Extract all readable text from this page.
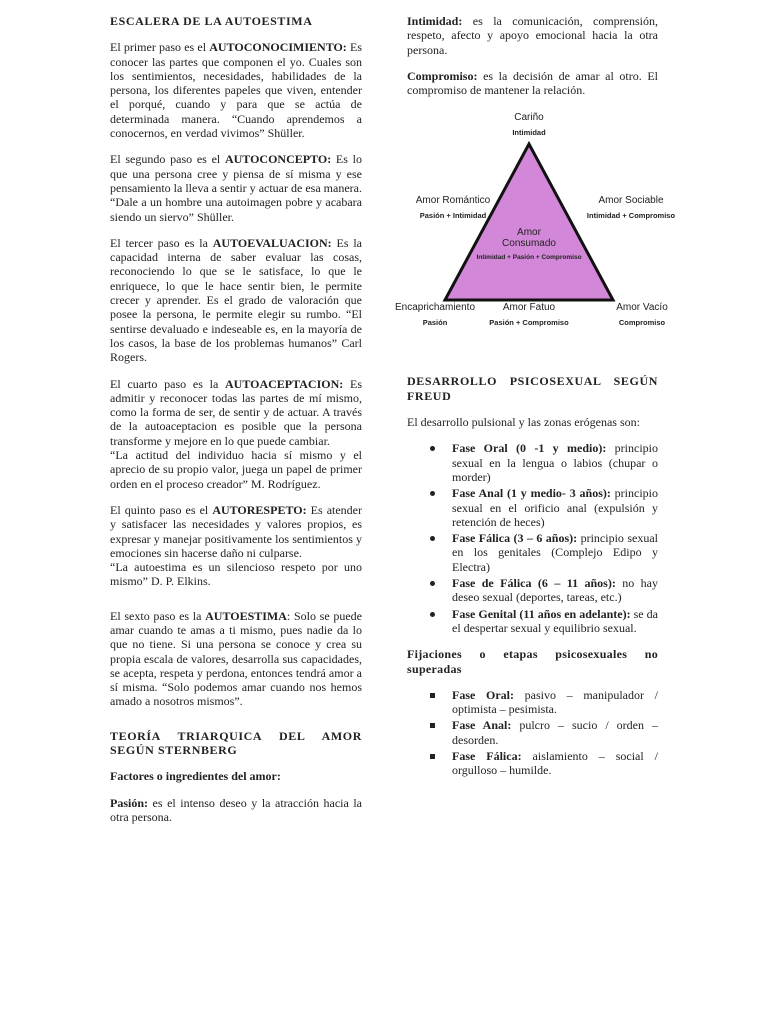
ESCALERA DE LA AUTOESTIMA

El primer paso es el AUTOCONOCIMIENTO: Es conocer las partes que componen el yo. Cuales son los sentimientos, necesidades, habilidades de la persona, los diferentes papeles que viven, entender el porqué, cuando y para que se actúa de determinada manera. “Cuando aprendemos a conocernos, en verdad vivimos” Shüller.

El segundo paso es el AUTOCONCEPTO: Es lo que una persona cree y piensa de sí misma y ese pensamiento la lleva a sentir y actuar de esa manera. “Dale a un hombre una autoimagen pobre y acabara siendo un siervo” Shüller.

El tercer paso es la AUTOEVALUACION: Es la capacidad interna de saber evaluar las cosas, reconociendo lo que se le satisface, lo que le enriquece, lo que le hace sentir bien, le permite crecer y aprender. Es el grado de valoración que posee la persona, le permite elegir su rumbo. “El sentirse devaluado e indeseable es, en la mayoría de los casos, la base de los problemas humanos” Carl Rogers.

El cuarto paso es la AUTOACEPTACION: Es admitir y reconocer todas las partes de mí mismo, como la forma de ser, de sentir y de actuar. A través de la autoaceptacion es posible que la persona transforme y mejore en lo que puede cambiar.
“La actitud del individuo hacia sí mismo y el aprecio de su propio valor, juega un papel de primer orden en el proceso creador” M. Rodríguez.

El quinto paso es el AUTORESPETO: Es atender y satisfacer las necesidades y valores propios, es expresar y manejar positivamente los sentimientos y emociones sin hacerse daño ni culparse.
“La autoestima es un silencioso respeto por uno mismo” D. P. Elkins.

El sexto paso es la AUTOESTIMA: Solo se puede amar cuando te amas a ti mismo, pues nadie da lo que no tiene. Si una persona se conoce y crea su propia escala de valores, desarrolla sus capacidades, se acepta, respeta y perdona, entonces tendrá amor a sí misma. “Solo podemos amar cuando nos hemos amado a nosotros mismos”.

TEORÍA TRIARQUICA DEL AMOR SEGÚN STERNBERG

Factores o ingredientes del amor:

Pasión: es el intenso deseo y la atracción hacia la otra persona.

Intimidad: es la comunicación, comprensión, respeto, afecto y apoyo emocional hacia la otra persona.

Compromiso: es la decisión de amar al otro. El compromiso de mantener la relación.

Cariño
Intimidad
Amor Romántico
Pasión + Intimidad
Amor Sociable
Intimidad + Compromiso
Amor
Consumado
Intimidad + Pasión + Compromiso
Encaprichamiento
Pasión
Amor Fatuo
Pasión + Compromiso
Amor Vacío
Compromiso

DESARROLLO PSICOSEXUAL SEGÚN FREUD

El desarrollo pulsional y las zonas erógenas son:

Fase Oral (0 -1 y medio): principio sexual en la lengua o labios (chupar o morder)
Fase Anal (1 y medio- 3 años): principio sexual en el orificio anal (expulsión y retención de heces)
Fase Fálica (3 – 6 años): principio sexual en los genitales (Complejo Edipo y Electra)
Fase de Fálica (6 – 11 años): no hay deseo sexual (deportes, tareas, etc.)
Fase Genital (11 años en adelante): se da el despertar sexual y equilibrio sexual.

Fijaciones o etapas psicosexuales no superadas

Fase Oral: pasivo – manipulador / optimista – pesimista.
Fase Anal: pulcro – sucio / orden – desorden.
Fase Fálica: aislamiento – social / orgulloso – humilde.
